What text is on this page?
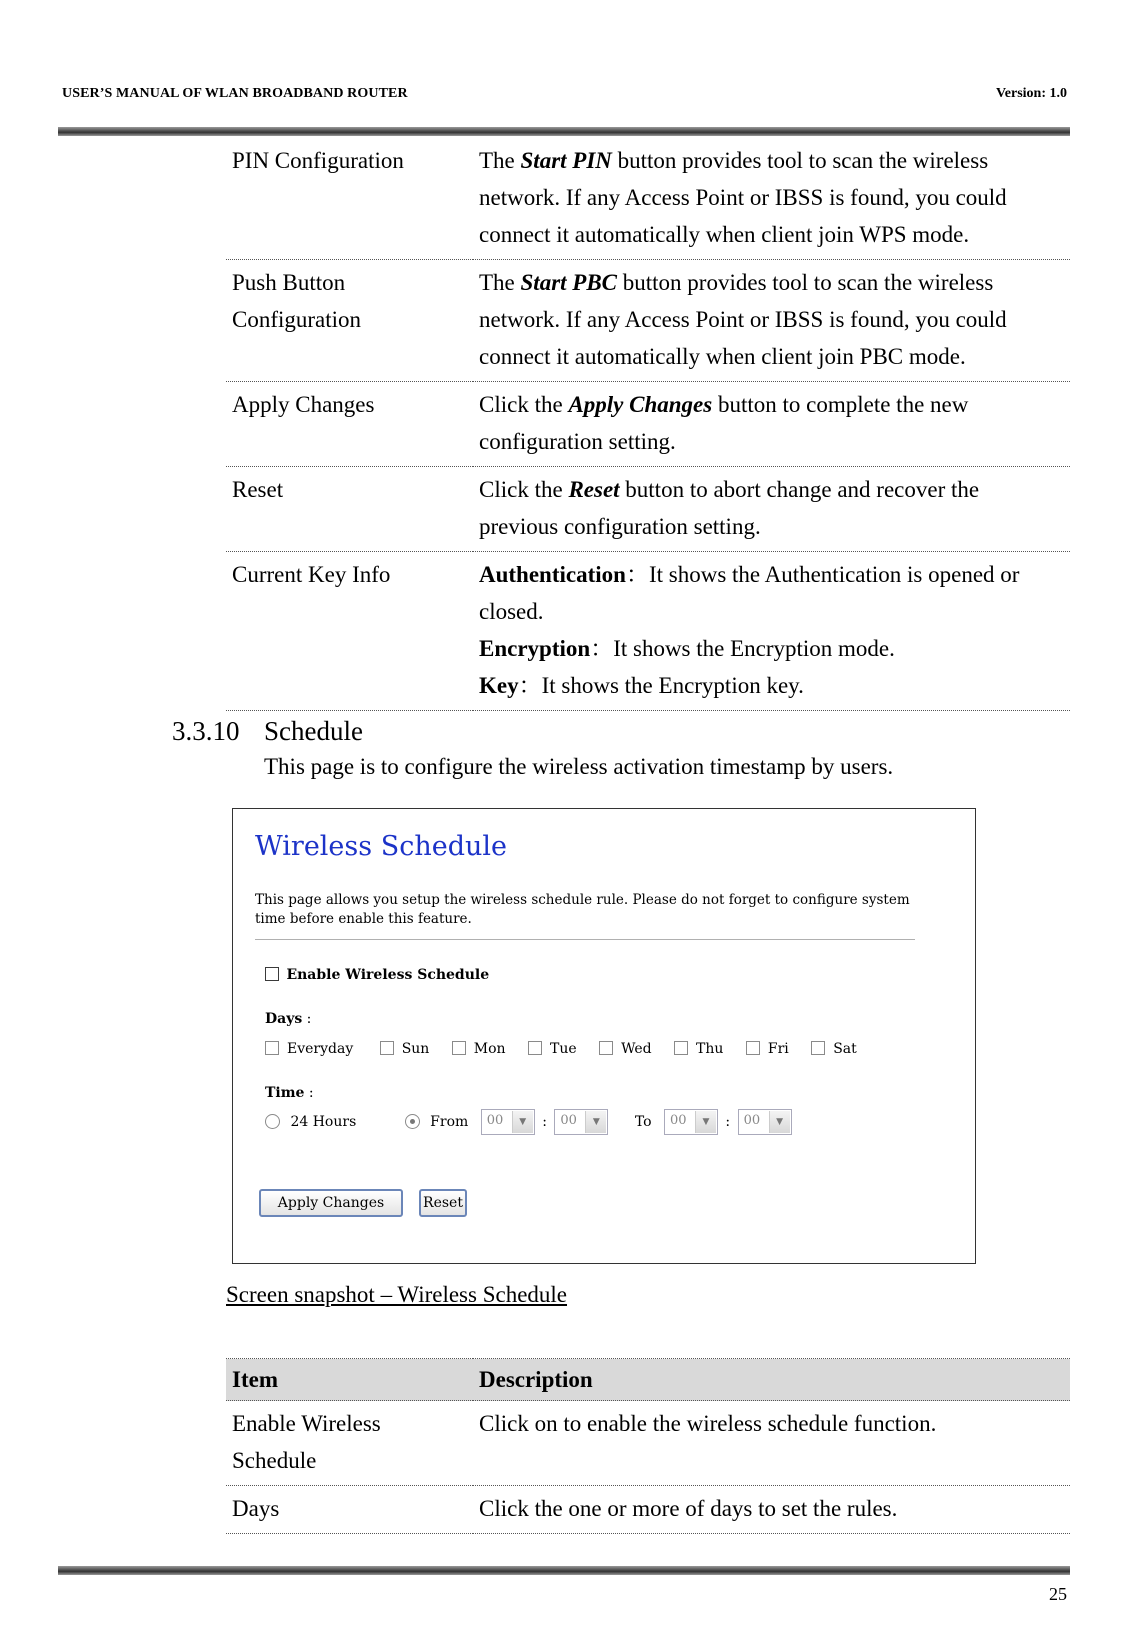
USER’S MANUAL OF WLAN BROADBAND ROUTER	Version: 1.0
PIN Configuration	The Start PIN button provides tool to scan the wireless network. If any Access Point or IBSS is found, you could connect it automatically when client join WPS mode.
Push Button Configuration	The Start PBC button provides tool to scan the wireless network. If any Access Point or IBSS is found, you could connect it automatically when client join PBC mode.
Apply Changes	Click the Apply Changes button to complete the new configuration setting.
Reset	Click the Reset button to abort change and recover the previous configuration setting.
Current Key Info	Authentication：It shows the Authentication is opened or closed.
Encryption：It shows the Encryption mode.
Key：It shows the Encryption key.
3.3.10 Schedule
This page is to configure the wireless activation timestamp by users.
Wireless Schedule
This page allows you setup the wireless schedule rule. Please do not forget to configure system time before enable this feature.
Enable Wireless Schedule
Days :
Everyday	Sun	Mon	Tue	Wed	Thu	Fri	Sat
Time :
24 Hours	From 00	▼	: 00	▼	To 00	▼	: 00	▼
Apply Changes	Reset
Screen snapshot – Wireless Schedule
Item	Description
Enable Wireless Schedule	Click on to enable the wireless schedule function.
Days	Click the one or more of days to set the rules.
25
